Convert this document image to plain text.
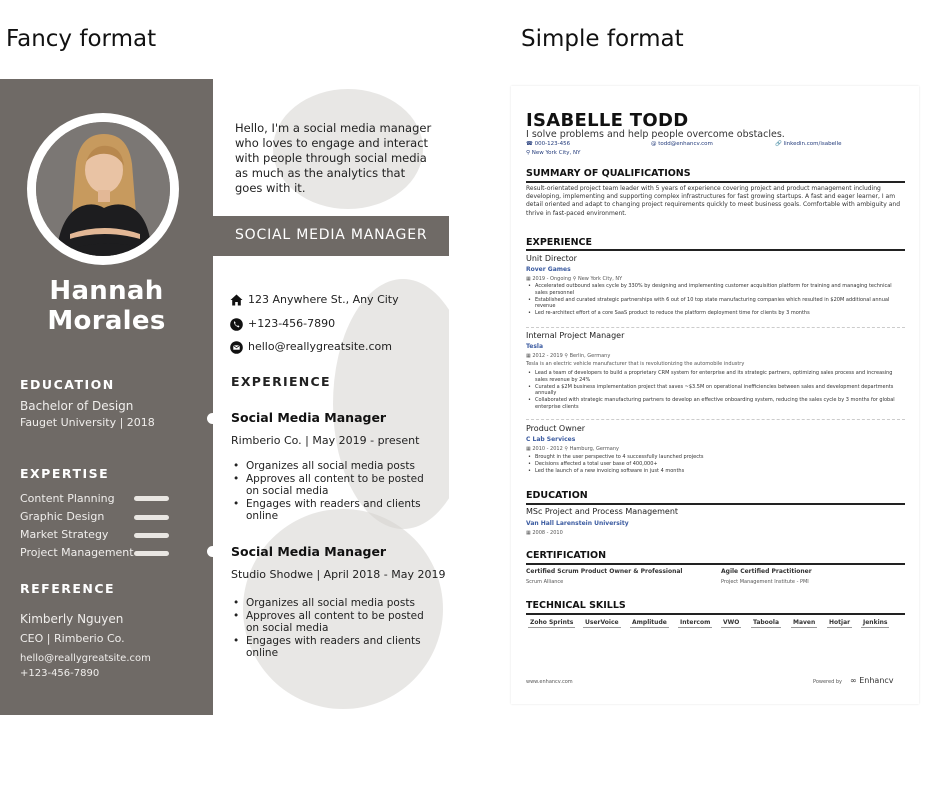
Fancy format	Simple format
Hannah
Morales
EDUCATION
Bachelor of Design
Fauget University | 2018
EXPERTISE
Content Planning
Graphic Design
Market Strategy
Project Management
REFERENCE
Kimberly Nguyen
CEO | Rimberio Co.
hello@reallygreatsite.com
+123-456-7890
Hello, I'm a social media manager who loves to engage and interact with people through social media as much as the analytics that goes with it.
SOCIAL MEDIA MANAGER
123 Anywhere St., Any City
+123-456-7890
hello@reallygreatsite.com
EXPERIENCE
Social Media Manager
Rimberio Co. | May 2019 - present
• Organizes all social media posts
• Approves all content to be posted on social media
• Engages with readers and clients online
Social Media Manager
Studio Shodwe | April 2018 - May 2019
• Organizes all social media posts
• Approves all content to be posted on social media
• Engages with readers and clients online
ISABELLE TODD
I solve problems and help people overcome obstacles.
☎ 000-123-456	@ todd@enhancv.com	🔗 linkedin.com/isabelle
⚲ New York City, NY
SUMMARY OF QUALIFICATIONS
Result-orientated project team leader with 5 years of experience covering project and product management including developing, implementing and supporting complex infrastructures for fast growing startups. A fast and eager learner, I am detail oriented and adapt to changing project requirements quickly to meet business goals. Comfortable with ambiguity and thrive in fast-paced environment.
EXPERIENCE
Unit Director
Rover Games
▦ 2019 - Ongoing ⚲ New York City, NY
• Accelerated outbound sales cycle by 330% by designing and implementing customer acquisition platform for training and managing technical sales personnel
• Established and curated strategic partnerships with 6 out of 10 top state manufacturing companies which resulted in $20M additional annual revenue
• Led re-architect effort of a core SaaS product to reduce the platform deployment time for clients by 3 months
Internal Project Manager
Tesla
▦ 2012 - 2019 ⚲ Berlin, Germany
Tesla is an electric vehicle manufacturer that is revolutionizing the automobile industry
• Lead a team of developers to build a proprietary CRM system for enterprise and its strategic partners, optimizing sales process and increasing sales revenue by 24%
• Curated a $2M business implementation project that saves ~$3.5M on operational inefficiencies between sales and development departments annually
• Collaborated with strategic manufacturing partners to develop an effective onboarding system, reducing the sales cycle by 3 months for global enterprise clients
Product Owner
C Lab Services
▦ 2010 - 2012 ⚲ Hamburg, Germany
• Brought in the user perspective to 4 successfully launched projects
• Decisions affected a total user base of 400,000+
• Led the launch of a new invoicing software in just 4 months
EDUCATION
MSc Project and Process Management
Van Hall Larenstein University
▦ 2008 - 2010
CERTIFICATION
Certified Scrum Product Owner & Professional
Scrum Alliance
Agile Certified Practitioner
Project Management Institute - PMI
TECHNICAL SKILLS
Zoho Sprints	UserVoice	Amplitude	Intercom	VWO	Taboola	Maven	Hotjar	Jenkins
www.enhancv.com	Powered by ∞ Enhancv
